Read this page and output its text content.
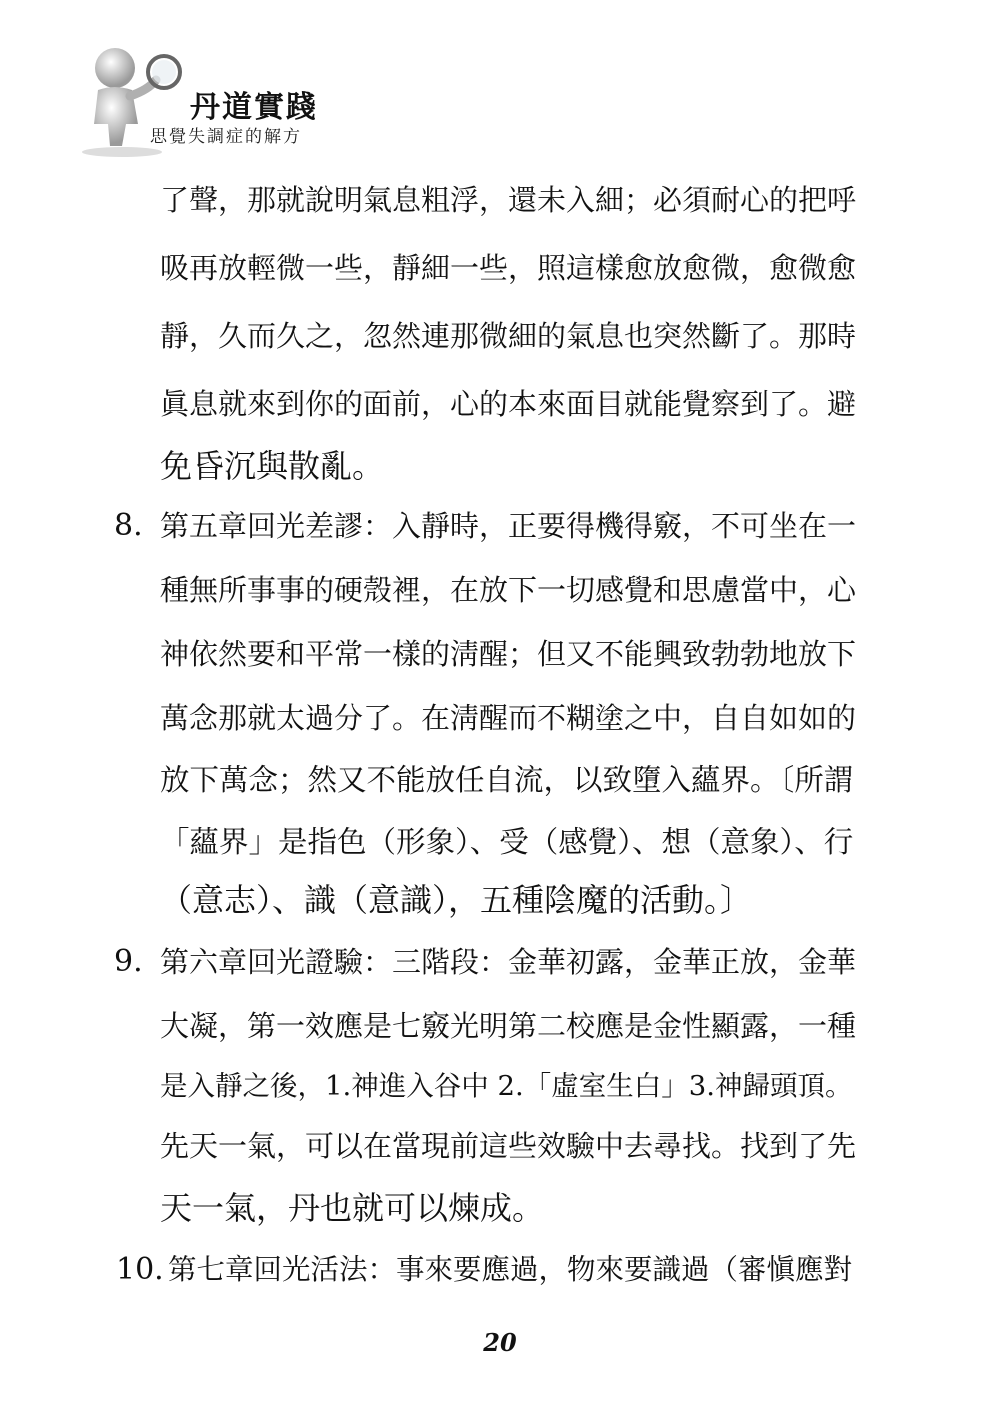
丹道實踐
思覺失調症的解方
了聲，那就說明氣息粗浮，還未入細；必須耐心的把呼
吸再放輕微一些，靜細一些，照這樣愈放愈微，愈微愈
靜，久而久之，忽然連那微細的氣息也突然斷了。那時
眞息就來到你的面前，心的本來面目就能覺察到了。避
免昏沉與散亂。
8. 第五章回光差謬：入靜時，正要得機得竅，不可坐在一
種無所事事的硬殼裡，在放下一切感覺和思慮當中，心
神依然要和平常一樣的淸醒；但又不能興致勃勃地放下
萬念那就太過分了。在淸醒而不糊塗之中，自自如如的
放下萬念；然又不能放任自流，以致墮入蘊界。〔所謂
「蘊界」是指色（形象）、受（感覺）、想（意象）、行
（意志）、識（意識），五種陰魔的活動。〕
9. 第六章回光證驗：三階段：金華初露，金華正放，金華
大凝，第一效應是七竅光明第二校應是金性顯露，一種
是入靜之後，1.神進入谷中 2.「虛室生白」3.神歸頭頂。
先天一氣，可以在當現前這些效驗中去尋找。找到了先
天一氣，丹也就可以煉成。
10. 第七章回光活法：事來要應過，物來要識過（審愼應對
20
